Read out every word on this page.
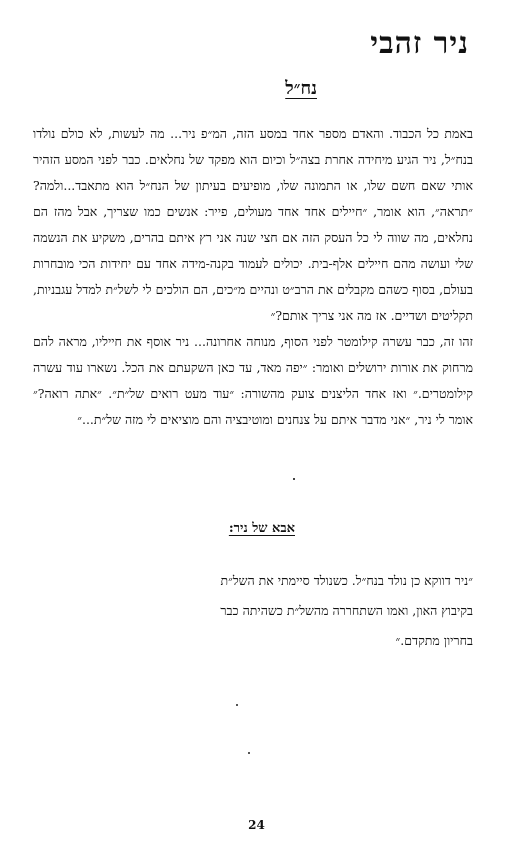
ניר זהבי
נח״ל

באמת כל הכבוד. והאדם מספר אחד במסע הזה, המ״פ ניר... מה לעשות, לא כולם נולדו בנח״ל, ניר הגיע מיחידה אחרת בצה״ל וכיום הוא מפקד של נחלאים. כבר לפני המסע הזהיר אותי שאם חשם שלו, או התמונה שלו, מופיעים בעיתון של הנח״ל הוא מתאבד...ולמה? ״תראה״, הוא אומר, ״חיילים אחד אחד מעולים, פייר: אנשים כמו שצריך, אבל מהז הם נחלאים, מה שווה לי כל העסק הזה אם חצי שנה אני רץ איתם בהרים, משקיע את הנשמה שלי ועושה מהם חיילים אלף-בית. יכולים לעמוד בקנה-מידה אחד עם יחידות הכי מובחרות בעולם, בסוף כשהם מקבלים את הרב״ט ונהיים מ״כים, הם הולכים לי לשל״ת למדל עגבניות, תקליטים ושדיים. אז מה אני צריך אותם?״

זהו זה, כבר עשרה קילומטר לפני הסוף, מנוחה אחרונה... ניר אוסף את חייליו, מראה להם מרחוק את אורות ירושלים ואומר: ״יפה מאד, עד כאן השקעתם את הכל. נשארו עוד עשרה קילומטרים.״ ואז אחד הליצנים צועק מהשורה: ״עוד מעט רואים של״ת״. ״אתה רואה?״ אומר לי ניר, ״אני מדבר איתם על צנחנים ומוטיבציה והם מוציאים לי מזה של״ת...״

אבא של ניר:
״ניר דווקא כן נולד בנח״ל. כשנולד סיימתי את השל״ת
בקיבוץ האון, ואמו השתחררה מהשל״ת כשהיתה כבר
בחריון מתקדם.״
24
